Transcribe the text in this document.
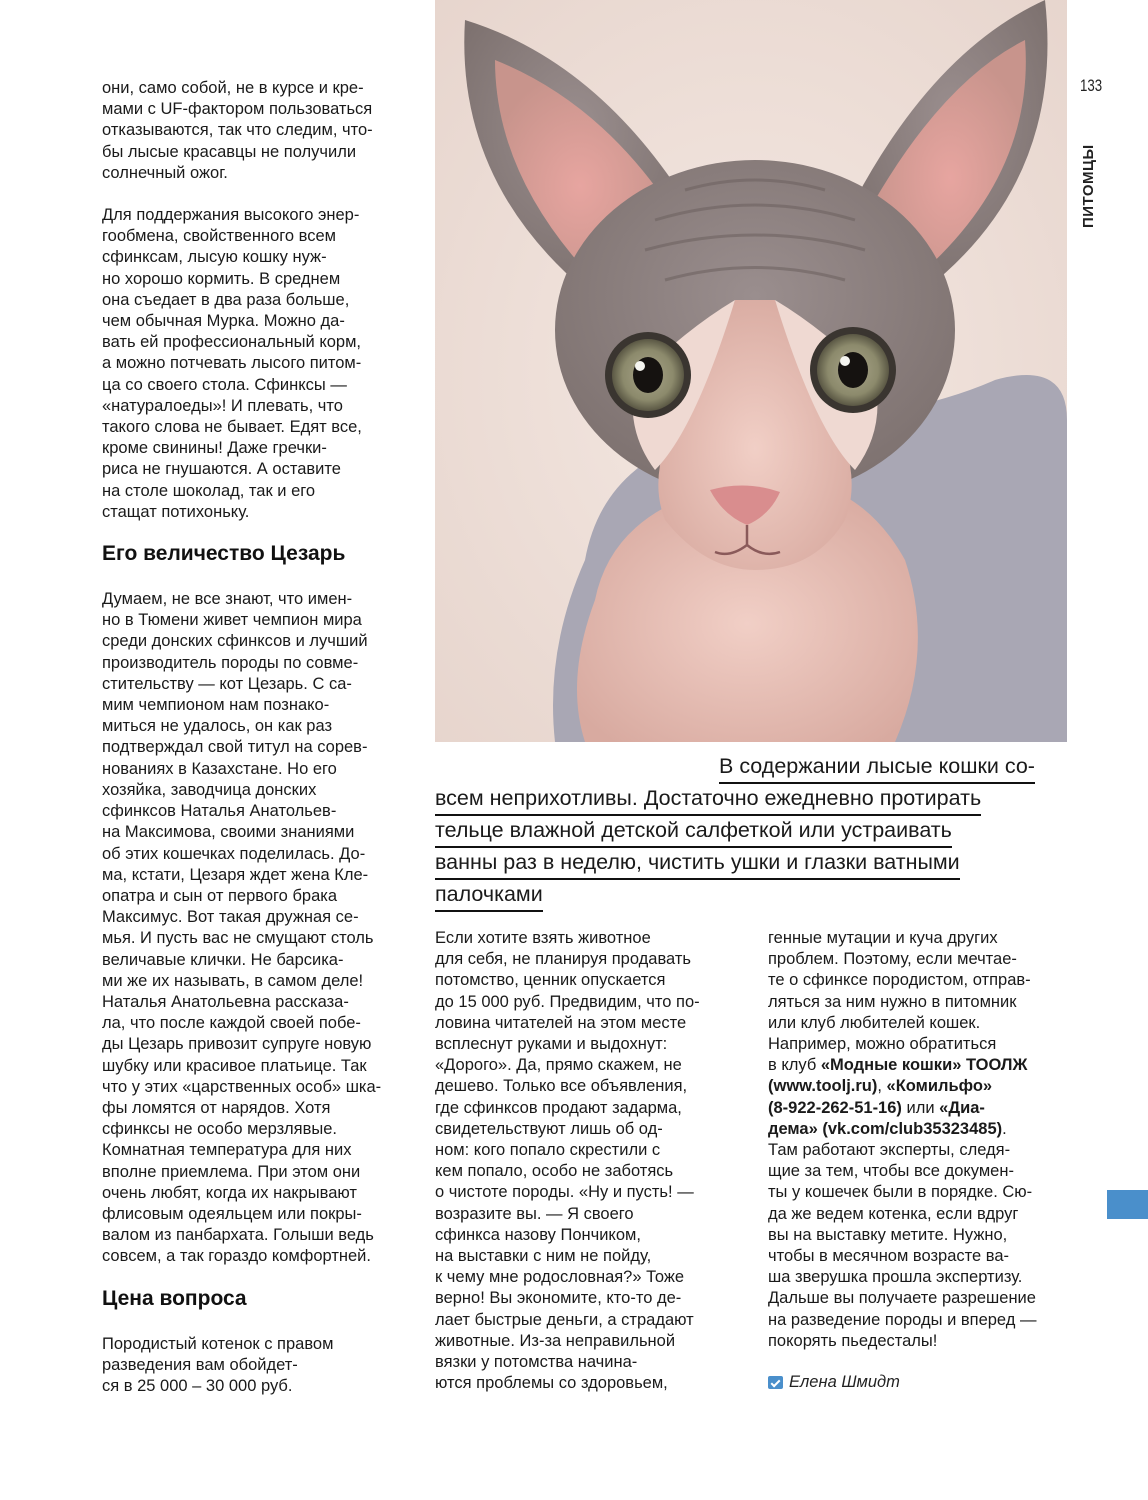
они, само собой, не в курсе и кре-
мами с UF-фактором пользоваться
отказываются, так что следим, что-
бы лысые красавцы не получили
солнечный ожог.

Для поддержания высокого энер-
гообмена, свойственного всем
сфинксам, лысую кошку нуж-
но хорошо кормить. В среднем
она съедает в два раза больше,
чем обычная Мурка. Можно да-
вать ей профессиональный корм,
а можно потчевать лысого питом-
ца со своего стола. Сфинксы —
«натуралоеды»! И плевать, что
такого слова не бывает. Едят все,
кроме свинины! Даже гречки-
риса не гнушаются. А оставите
на столе шоколад, так и его
стащат потихоньку.

Его величество Цезарь

Думаем, не все знают, что имен-
но в Тюмени живет чемпион мира
среди донских сфинксов и лучший
производитель породы по совме-
стительству — кот Цезарь. С са-
мим чемпионом нам познако-
миться не удалось, он как раз
подтверждал свой титул на сорев-
нованиях в Казахстане. Но его
хозяйка, заводчица донских
сфинксов Наталья Анатольев-
на Максимова, своими знаниями
об этих кошечках поделилась. До-
ма, кстати, Цезаря ждет жена Кле-
опатра и сын от первого брака
Максимус. Вот такая дружная се-
мья. И пусть вас не смущают столь
величавые клички. Не барсика-
ми же их называть, в самом деле!
Наталья Анатольевна рассказа-
ла, что после каждой своей побе-
ды Цезарь привозит супруге новую
шубку или красивое платьице. Так
что у этих «царственных особ» шка-
фы ломятся от нарядов. Хотя
сфинксы не особо мерзлявые.
Комнатная температура для них
вполне приемлема. При этом они
очень любят, когда их накрывают
флисовым одеяльцем или покры-
валом из панбархата. Голыши ведь
совсем, а так гораздо комфортней.

Цена вопроса

Породистый котенок с правом
разведения вам обойдет-
ся в 25 000 – 30 000 руб.

В содержании лысые кошки со-
всем неприхотливы. Достаточно ежедневно протирать
тельце влажной детской салфеткой или устраивать
ванны раз в неделю, чистить ушки и глазки ватными
палочками

Если хотите взять животное
для себя, не планируя продавать
потомство, ценник опускается
до 15 000 руб. Предвидим, что по-
ловина читателей на этом месте
всплеснут руками и выдохнут:
«Дорого». Да, прямо скажем, не
дешево. Только все объявления,
где сфинксов продают задарма,
свидетельствуют лишь об од-
ном: кого попало скрестили с
кем попало, особо не заботясь
о чистоте породы. «Ну и пусть! —
возразите вы. — Я своего
сфинкса назову Пончиком,
на выставки с ним не пойду,
к чему мне родословная?» Тоже
верно! Вы экономите, кто-то де-
лает быстрые деньги, а страдают
животные. Из-за неправильной
вязки у потомства начина-
ются проблемы со здоровьем,

генные мутации и куча других
проблем. Поэтому, если мечтае-
те о сфинксе породистом, отправ-
ляться за ним нужно в питомник
или клуб любителей кошек.
Например, можно обратиться
в клуб «Модные кошки» ТООЛЖ
(www.toolj.ru), «Комильфо»
(8-922-262-51-16) или «Диа-
дема» (vk.com/club35323485).
Там работают эксперты, следя-
щие за тем, чтобы все докумен-
ты у кошечек были в порядке. Сю-
да же ведем котенка, если вдруг
вы на выставку метите. Нужно,
чтобы в месячном возрасте ва-
ша зверушка прошла экспертизу.
Дальше вы получаете разрешение
на разведение породы и вперед —
покорять пьедесталы!

Елена Шмидт
133
ПИТОМЦЫ
